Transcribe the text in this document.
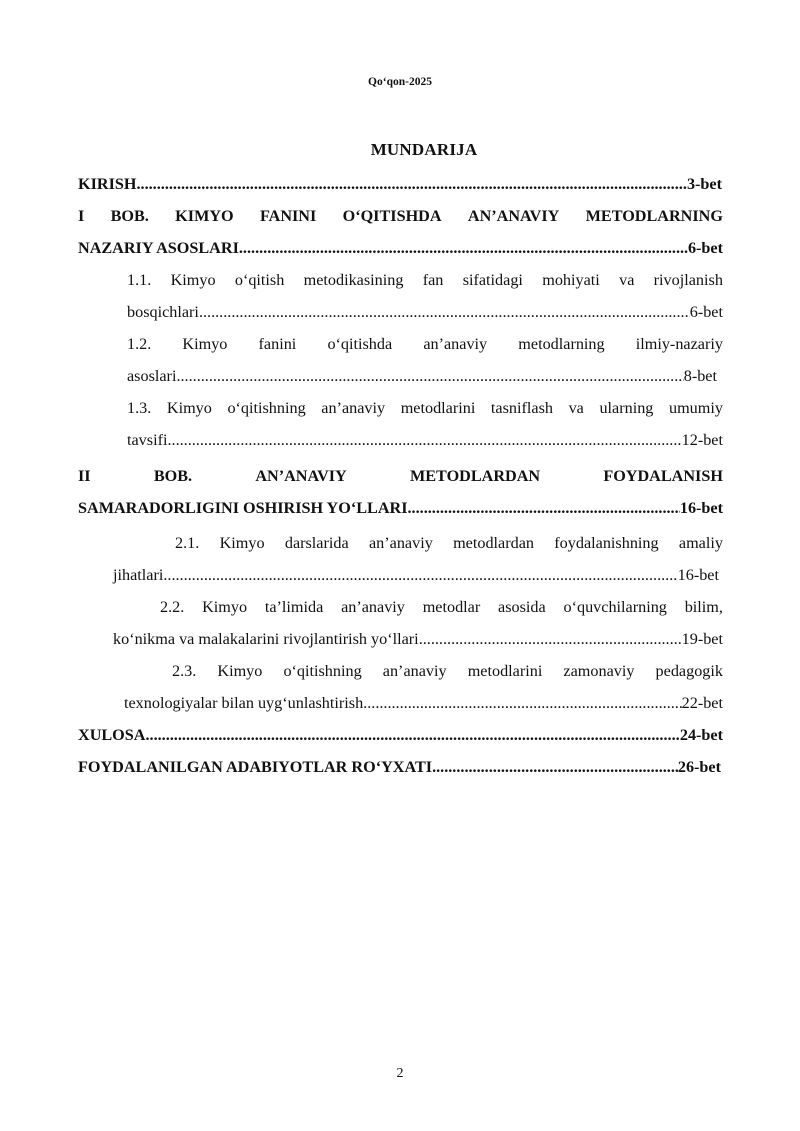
Qo‘qon-2025
MUNDARIJA
KIRISH .....	3-bet
I BOB. KIMYO FANINI O‘QITISHDA AN’ANAVIY METODLARNING
NAZARIY ASOSLARI .....	6-bet
1.1. Kimyo o‘qitish metodikasining fan sifatidagi mohiyati va rivojlanish
bosqichlari .....	6-bet
1.2. Kimyo fanini o‘qitishda an’anaviy metodlarning ilmiy-nazariy
asoslari .....	8-bet
1.3. Kimyo o‘qitishning an’anaviy metodlarini tasniflash va ularning umumiy
tavsifi .....	12-bet
II	BOB.	AN’ANAVIY	METODLARDAN	FOYDALANISH
SAMARADORLIGINI OSHIRISH YO‘LLARI .....	16-bet
2.1. Kimyo darslarida an’anaviy metodlardan foydalanishning amaliy
jihatlari .....	16-bet
2.2. Kimyo ta’limida an’anaviy metodlar asosida o‘quvchilarning bilim,
ko‘nikma va malakalarini rivojlantirish yo‘llari .....	19-bet
2.3. Kimyo o‘qitishning an’anaviy metodlarini zamonaviy pedagogik
texnologiyalar bilan uyg‘unlashtirish .....	22-bet
XULOSA .....	24-bet
FOYDALANILGAN ADABIYOTLAR RO‘YXATI .....	26-bet
2
